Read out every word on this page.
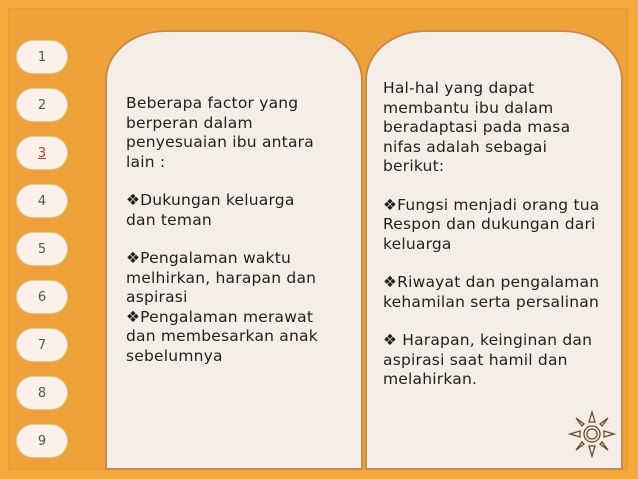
1
2
3
4
5
6
7
8
9

Beberapa factor yang
berperan dalam
penyesuaian ibu antara
lain :

❖Dukungan keluarga
dan teman

❖Pengalaman waktu
melhirkan, harapan dan
aspirasi

❖Pengalaman merawat
dan membesarkan anak
sebelumnya

Hal-hal yang dapat
membantu ibu dalam
beradaptasi pada masa
nifas adalah sebagai
berikut:

❖Fungsi menjadi orang tua
Respon dan dukungan dari
keluarga

❖Riwayat dan pengalaman
kehamilan serta persalinan

❖ Harapan, keinginan dan
aspirasi saat hamil dan
melahirkan.
